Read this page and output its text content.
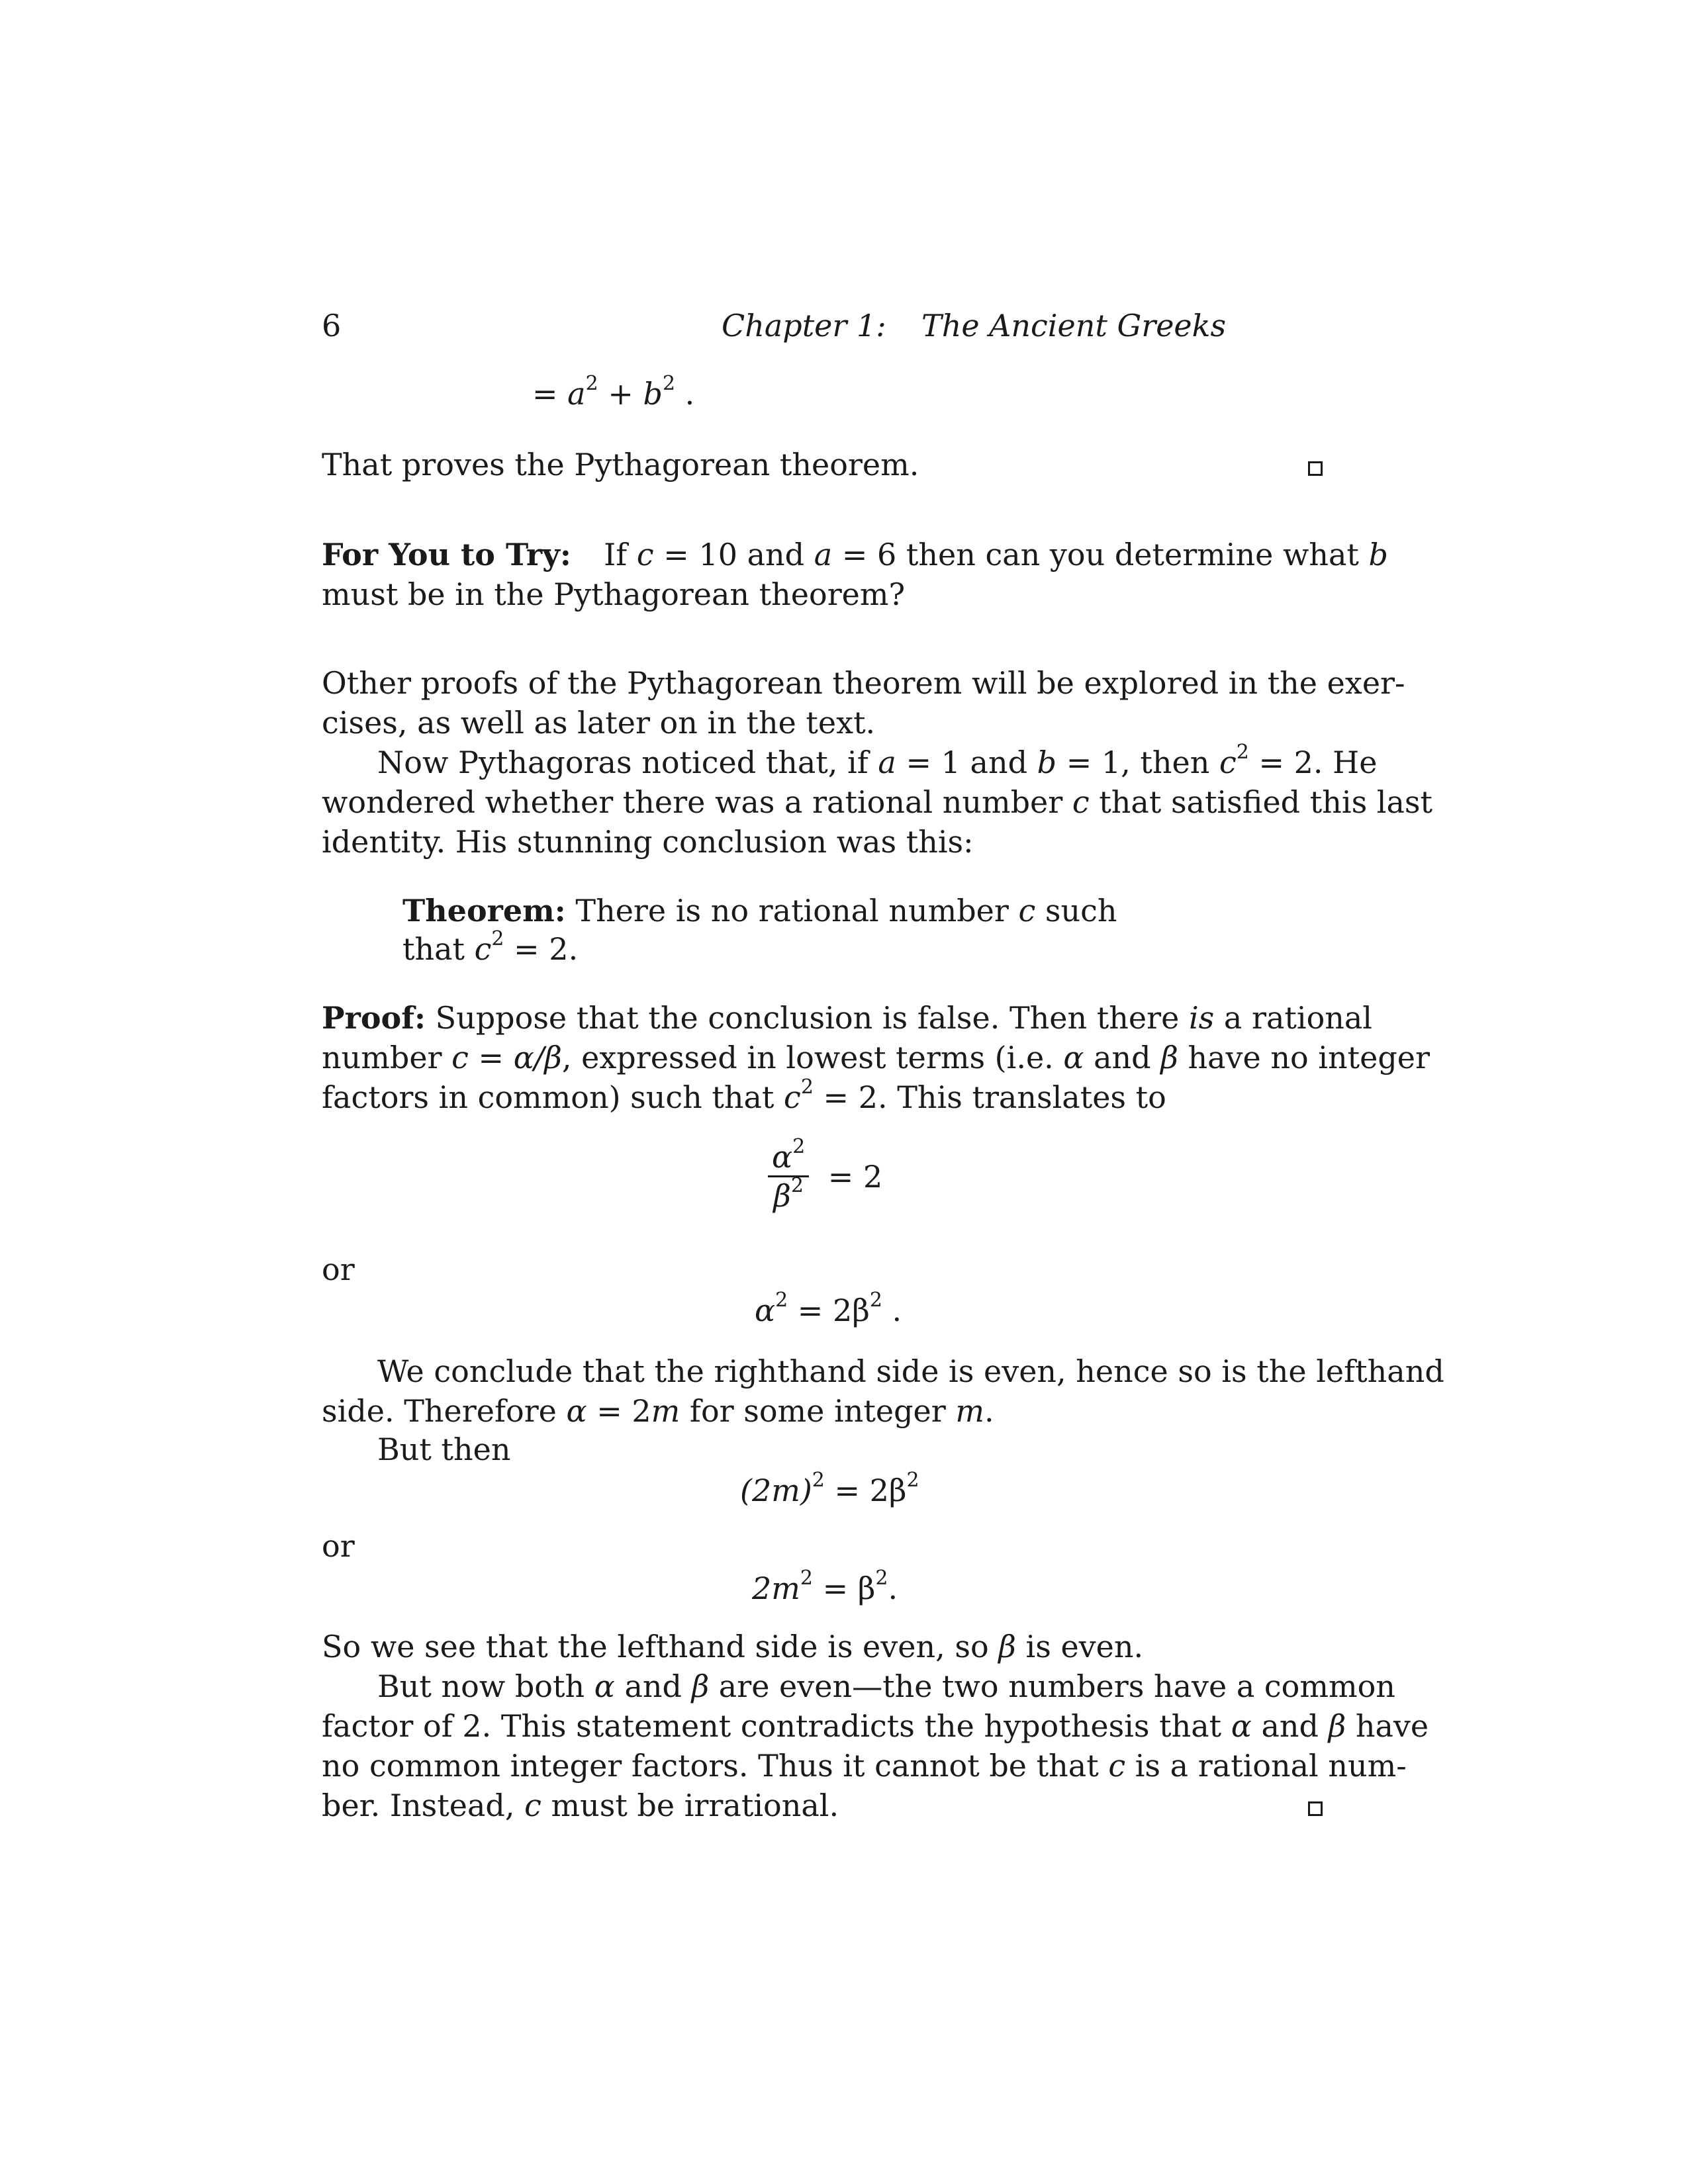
6	Chapter 1: The Ancient Greeks
= $a^2 + b^2$ .
That proves the Pythagorean theorem.
For You to Try: If c = 10 and a = 6 then can you determine what b
must be in the Pythagorean theorem?
Other proofs of the Pythagorean theorem will be explored in the exer-
cises, as well as later on in the text.
Now Pythagoras noticed that, if a = 1 and b = 1, then $c^2 = 2$. He
wondered whether there was a rational number c that satisfied this last
identity. His stunning conclusion was this:
Theorem: There is no rational number c such
that $c^2 = 2$.
Proof: Suppose that the conclusion is false. Then there is a rational
number c = α/β, expressed in lowest terms (i.e. α and β have no integer
factors in common) such that $c^2 = 2$. This translates to
$\frac{\alpha^2}{\beta^2} = 2$
or
$\alpha^2 = 2\beta^2$ .
We conclude that the righthand side is even, hence so is the lefthand
side. Therefore α = 2m for some integer m.
But then
$(2m)^2 = 2\beta^2$
or
$2m^2 = \beta^2$.
So we see that the lefthand side is even, so β is even.
But now both α and β are even—the two numbers have a common
factor of 2. This statement contradicts the hypothesis that α and β have
no common integer factors. Thus it cannot be that c is a rational num-
ber. Instead, c must be irrational.
